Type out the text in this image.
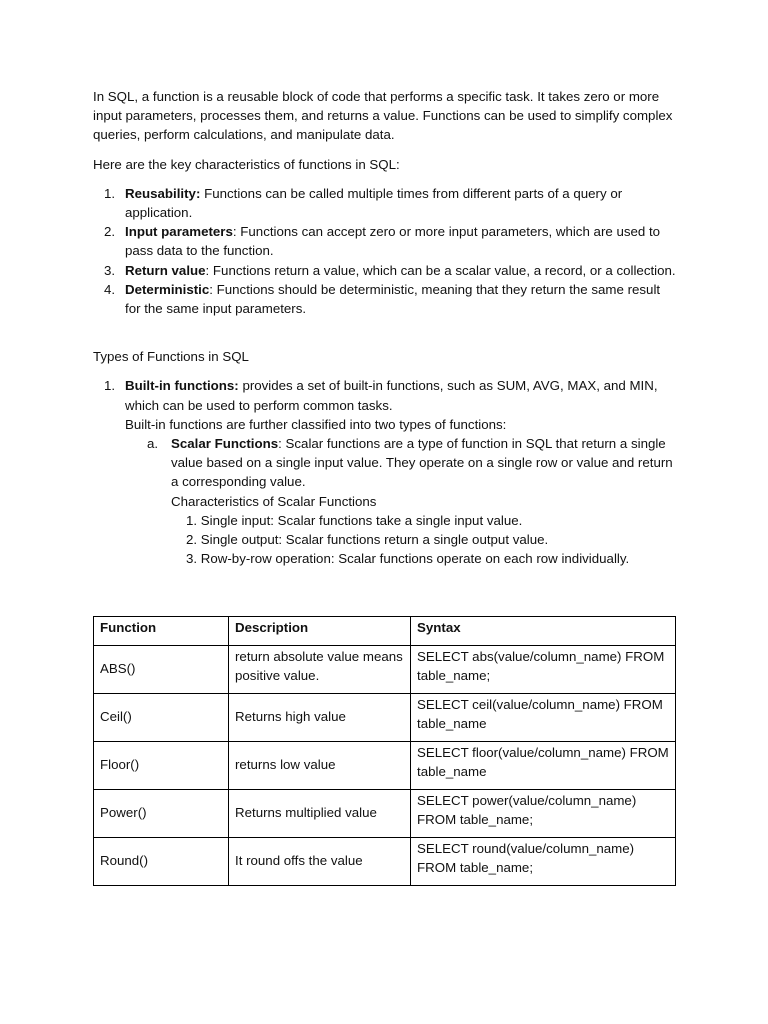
In SQL, a function is a reusable block of code that performs a specific task. It takes zero or more input parameters, processes them, and returns a value. Functions can be used to simplify complex queries, perform calculations, and manipulate data.

Here are the key characteristics of functions in SQL:

1. Reusability: Functions can be called multiple times from different parts of a query or application.
2. Input parameters: Functions can accept zero or more input parameters, which are used to pass data to the function.
3. Return value: Functions return a value, which can be a scalar value, a record, or a collection.
4. Deterministic: Functions should be deterministic, meaning that they return the same result for the same input parameters.

Types of Functions in SQL

1. Built-in functions: provides a set of built-in functions, such as SUM, AVG, MAX, and MIN, which can be used to perform common tasks.
Built-in functions are further classified into two types of functions:
a. Scalar Functions: Scalar functions are a type of function in SQL that return a single value based on a single input value. They operate on a single row or value and return a corresponding value.
Characteristics of Scalar Functions
1. Single input: Scalar functions take a single input value.
2. Single output: Scalar functions return a single output value.
3. Row-by-row operation: Scalar functions operate on each row individually.
Function	Description	Syntax
ABS()	return absolute value means positive value.	SELECT abs(value/column_name) FROM table_name;
Ceil()	Returns high value	SELECT ceil(value/column_name) FROM table_name
Floor()	returns low value	SELECT floor(value/column_name) FROM table_name
Power()	Returns multiplied value	SELECT power(value/column_name) FROM table_name;
Round()	It round offs the value	SELECT round(value/column_name) FROM table_name;
